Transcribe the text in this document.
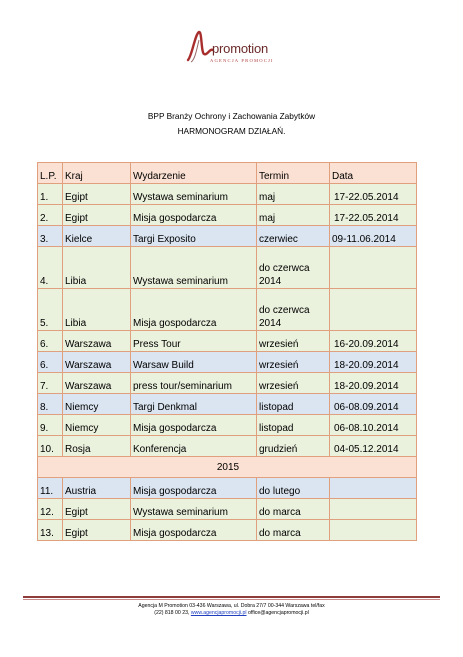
promotion
AGENCJA PROMOCJI
BPP Branży Ochrony i Zachowania Zabytków
HARMONOGRAM DZIAŁAŃ.
L.P.	Kraj	Wydarzenie	Termin	Data
1.	Egipt	Wystawa seminarium	maj	17-22.05.2014
2.	Egipt	Misja gospodarcza	maj	17-22.05.2014
3.	Kielce	Targi Exposito	czerwiec	09-11.06.2014
4.	Libia	Wystawa seminarium	do czerwca 2014	
5.	Libia	Misja gospodarcza	do czerwca 2014	
6.	Warszawa	Press Tour	wrzesień	16-20.09.2014
6.	Warszawa	Warsaw Build	wrzesień	18-20.09.2014
7.	Warszawa	press tour/seminarium	wrzesień	18-20.09.2014
8.	Niemcy	Targi Denkmal	listopad	06-08.09.2014
9.	Niemcy	Misja gospodarcza	listopad	06-08.10.2014
10.	Rosja	Konferencja	grudzień	04-05.12.2014
2015				
11.	Austria	Misja gospodarcza	do lutego	
12.	Egipt	Wystawa seminarium	do marca	
13.	Egipt	Misja gospodarcza	do marca	
Agencja M Promotion 03-436 Warszawa, ul. Dobra 27/7 00-344 Warszawa tel/fax
(22) 818 00 23, www.agencjapromocji.pl office@agencjapromocji.pl
